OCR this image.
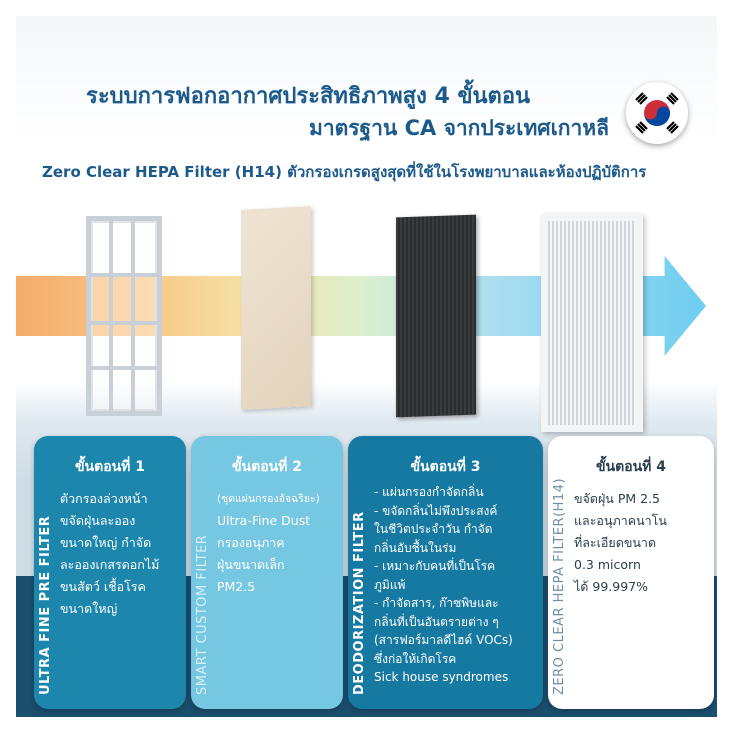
ระบบการฟอกอากาศประสิทธิภาพสูง 4 ขั้นตอน
มาตรฐาน CA จากประเทศเกาหลี
Zero Clear HEPA Filter (H14) ตัวกรองเกรดสูงสุดที่ใช้ในโรงพยาบาลและห้องปฏิบัติการ
ขั้นตอนที่ 1
ULTRA FINE PRE FILTER
ตัวกรองล่วงหน้า
ขจัดฝุ่นละออง
ขนาดใหญ่ กำจัด
ละอองเกสรดอกไม้
ขนสัตว์ เชื้อโรค
ขนาดใหญ่
ขั้นตอนที่ 2
SMART CUSTOM FILTER
(ชุดแผ่นกรองอัจฉริยะ)
Ultra-Fine Dust
กรองอนุภาค
ฝุ่นขนาดเล็ก
PM2.5
ขั้นตอนที่ 3
DEODORIZATION FILTER
- แผ่นกรองกำจัดกลิ่น
- ขจัดกลิ่นไม่พึงประสงค์
ในชีวิตประจำวัน กำจัด
กลิ่นอับชื้นในร่ม
- เหมาะกับคนที่เป็นโรค
ภูมิแพ้
- กำจัดสาร, ก๊าซพิษและ
กลิ่นที่เป็นอันตรายต่าง ๆ
(สารฟอร์มาลดีไฮด์ VOCs)
ซึ่งก่อให้เกิดโรค
Sick house syndromes
ขั้นตอนที่ 4
ZERO CLEAR HEPA FILTER(H14) ขจัดฝุ่น PM 2.5
และอนุภาคนาโน
ที่ละเอียดขนาด
0.3 micorn
ได้ 99.997%
